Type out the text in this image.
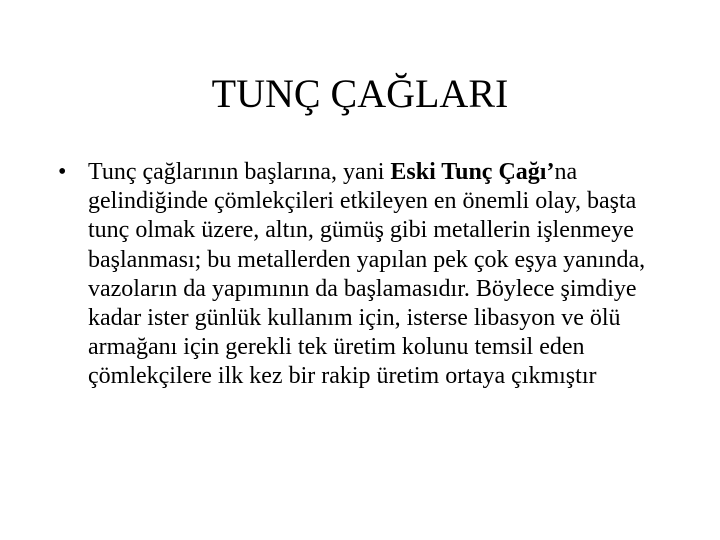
TUNÇ ÇAĞLARI
• Tunç çağlarının başlarına, yani Eski Tunç Çağı’na gelindiğinde çömlekçileri etkileyen en önemli olay, başta tunç olmak üzere, altın, gümüş gibi metallerin işlenmeye başlanması; bu metallerden yapılan pek çok eşya yanında, vazoların da yapımının da başlamasıdır. Böylece şimdiye kadar ister günlük kullanım için, isterse libasyon ve ölü armağanı için gerekli tek üretim kolunu temsil eden çömlekçilere ilk kez bir rakip üretim ortaya çıkmıştır
